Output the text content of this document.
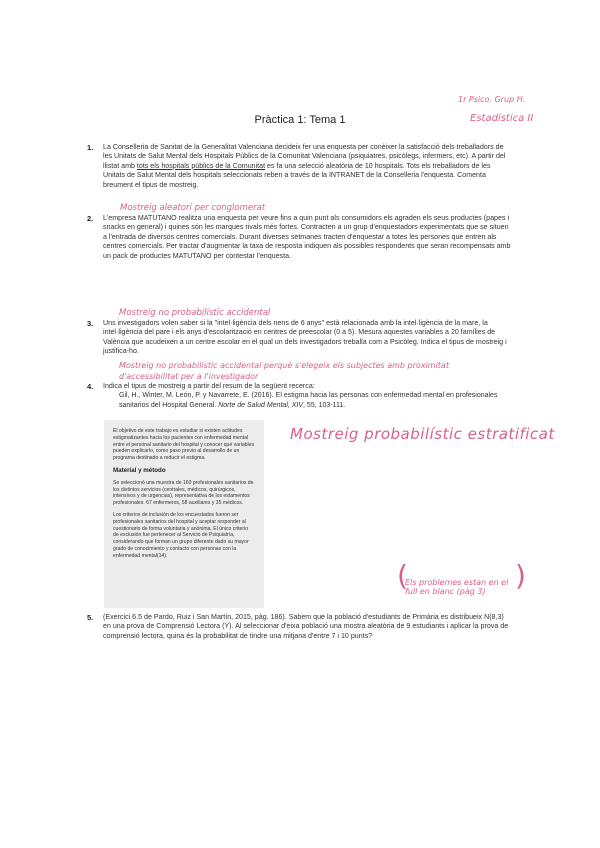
1r Psico. Grup H.
Estadística II
Pràctica 1: Tema 1
1. La Conselleria de Sanitat de la Generalitat Valenciana decideix fer una enquesta per conèixer la satisfacció dels treballadors de les Unitats de Salut Mental dels Hospitals Públics de la Comunitat Valenciana (psiquiatres, psicòlegs, infermers, etc). A partir del llistat amb tots els hospitals públics de la Comunitat es fa una selecció aleatòria de 10 hospitals. Tots els treballadors de les Unitats de Salut Mental dels hospitals seleccionats reben a través de la INTRANET de la Conselleria l'enquesta. Comenta breument el tipus de mostreig.
Mostreig aleatori per conglomerat
2. L'empresa MATUTANO realitza una enquesta per veure fins a quin punt als consumidors els agraden els seus productes (papes i snacks en general) i quines són les marques rivals més fortes. Contracten a un grup d'enquestadors experimentats que se situen a l'entrada de diversos centres comercials. Durant diverses setmanes tracten d'enquestar a totes les persones que entren als centres comercials. Per tractar d'augmentar la taxa de resposta indiquen als possibles respondents que seran recompensats amb un pack de productes MATUTANO per contestar l'enquesta.
Mostreig no probabilístic accidental
3. Uns investigadors volen saber si la "intel·ligència dels nens de 6 anys" està relacionada amb la intel·ligència de la mare, la intel·ligència del pare i els anys d'escolarització en centres de preescolar (0 a 5). Mesura aquestes variables a 20 famílies de València que acudeixen a un centre escolar en el qual un dels investigadors treballa com a Psicòleg. Indica el tipus de mostreig i justifica-ho.
Mostreig no probabilístic accidental perquè s'elegeix els subjectes amb proximitat
d'accessibilitat per a l'investigador
4. Indica el tipus de mostreig a partir del resum de la següent recerca:
Gil, H., Winter, M. León, P. y Navarrete, E. (2016). El estigma hacia las personas con enfermedad mental en profesionales sanitarios del Hospital General. Norte de Salud Mental, XIV, 55, 103-111.

El objetivo de este trabajo es estudiar si existen actitudes estigmatizantes hacia los pacientes con enfermedad mental entre el personal sanitario del hospital y conocer qué variables pueden explicarlo, como paso previo al desarrollo de un programa destinado a reducir el estigma.

Material y método

Se seleccionó una muestra de 160 profesionales sanitarios de los distintos servicios (centrales, médicos, quirúrgicos, intensivos y de urgencias), representativa de los estamentos profesionales: 67 enfermeros, 58 auxiliares y 35 médicos.

Los criterios de inclusión de los encuestados fueron ser profesionales sanitarios del hospital y aceptar responder al cuestionario de forma voluntaria y anónima. El único criterio de exclusión fue pertenecer al Servicio de Psiquiatría, considerando que forman un grupo diferente dado su mayor grado de conocimiento y contacto con personas con la enfermedad mental(14).

Mostreig probabilístic estratificat
(
Els problemes estan en el full en blanc (pàg 3) )
5. (Exercici 6.5 de Pardo, Ruiz i San Martín, 2015, pàg. 186). Sabem que la població d'estudiants de Primària es distribueix N(8,3) en una prova de Comprensió Lectora (Y). Al seleccionar d'eixa població una mostra aleatòria de 9 estudiants i aplicar la prova de comprensió lectora, quina és la probabilitat de tindre una mitjana d'entre 7 i 10 punts?
